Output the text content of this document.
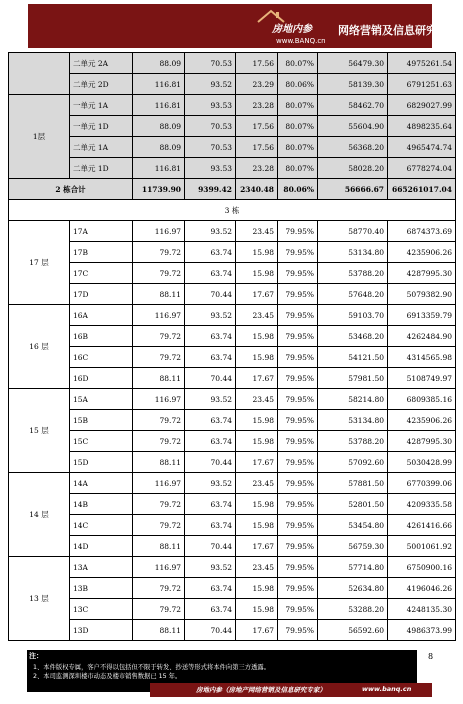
房地内参
www.BANQ.cn
网络营销及信息研究专家
	二单元 2A	88.09	70.53	17.56	80.07%	56479.30	4975261.54
	二单元 2D	116.81	93.52	23.29	80.06%	58139.30	6791251.63
1层	一单元 1A	116.81	93.53	23.28	80.07%	58462.70	6829027.99
	一单元 1D	88.09	70.53	17.56	80.07%	55604.90	4898235.64
	二单元 1A	88.09	70.53	17.56	80.07%	56368.20	4965474.74
	二单元 1D	116.81	93.53	23.28	80.07%	58028.20	6778274.04
2 栋合计		11739.90	9399.42	2340.48	80.06%	56666.67	665261017.04
3 栋							
17 层	17A	116.97	93.52	23.45	79.95%	58770.40	6874373.69
	17B	79.72	63.74	15.98	79.95%	53134.80	4235906.26
	17C	79.72	63.74	15.98	79.95%	53788.20	4287995.30
	17D	88.11	70.44	17.67	79.95%	57648.20	5079382.90
16 层	16A	116.97	93.52	23.45	79.95%	59103.70	6913359.79
	16B	79.72	63.74	15.98	79.95%	53468.20	4262484.90
	16C	79.72	63.74	15.98	79.95%	54121.50	4314565.98
	16D	88.11	70.44	17.67	79.95%	57981.50	5108749.97
15 层	15A	116.97	93.52	23.45	79.95%	58214.80	6809385.16
	15B	79.72	63.74	15.98	79.95%	53134.80	4235906.26
	15C	79.72	63.74	15.98	79.95%	53788.20	4287995.30
	15D	88.11	70.44	17.67	79.95%	57092.60	5030428.99
14 层	14A	116.97	93.52	23.45	79.95%	57881.50	6770399.06
	14B	79.72	63.74	15.98	79.95%	52801.50	4209335.58
	14C	79.72	63.74	15.98	79.95%	53454.80	4261416.66
	14D	88.11	70.44	17.67	79.95%	56759.30	5001061.92
13 层	13A	116.97	93.52	23.45	79.95%	57714.80	6750900.16
	13B	79.72	63.74	15.98	79.95%	52634.80	4196046.26
	13C	79.72	63.74	15.98	79.95%	53288.20	4248135.30
	13D	88.11	70.44	17.67	79.95%	56592.60	4986373.99
注：
1、本件版权专属，客户不得以包括但不限于转发、抄送等形式将本件向第三方透露。
2、本司监测深圳楼市动态及楼市销售数据已 15 年。
8
房地内参（房地产网络营销及信息研究专家）	www.banq.cn
